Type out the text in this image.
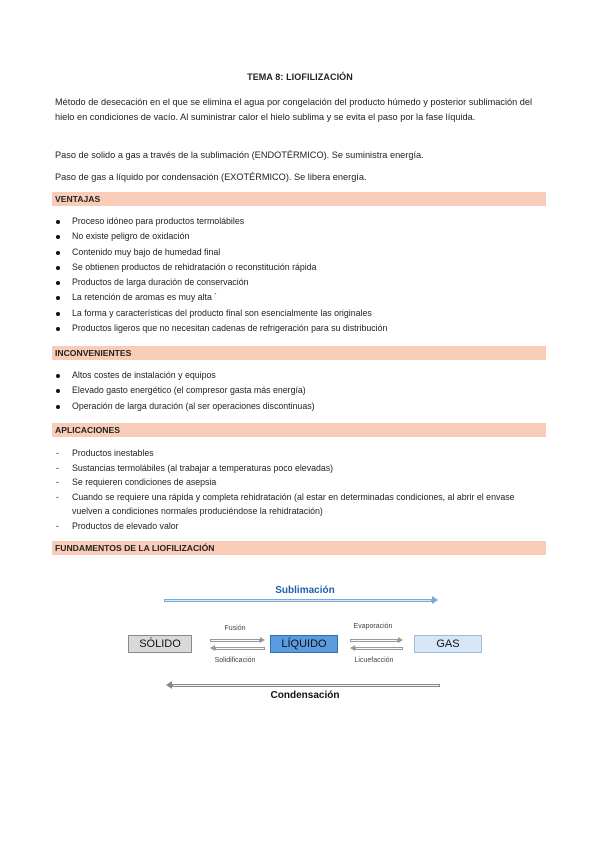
TEMA 8: LIOFILIZACIÓN
Método de desecación en el que se elimina el agua por congelación del producto húmedo y posterior sublimación del hielo en condiciones de vacío. Al suministrar calor el hielo sublima y se evita el paso por la fase líquida.
Paso de solido a gas a través de la sublimación (ENDOTÉRMICO). Se suministra energía.
Paso de gas a líquido por condensación (EXOTÉRMICO). Se libera energía.
VENTAJAS
Proceso idóneo para productos termolábiles
No existe peligro de oxidación
Contenido muy bajo de humedad final
Se obtienen productos de rehidratación o reconstitución rápida
Productos de larga duración de conservación
La retención de aromas es muy alta ´
La forma y características del producto final son esencialmente las originales
Productos ligeros que no necesitan cadenas de refrigeración para su distribución
INCONVENIENTES
Altos costes de instalación y equipos
Elevado gasto energético (el compresor gasta más energía)
Operación de larga duración (al ser operaciones discontinuas)
APLICACIONES
- Productos inestables
- Sustancias termolábiles (al trabajar a temperaturas poco elevadas)
- Se requieren condiciones de asepsia
- Cuando se requiere una rápida y completa rehidratación (al estar en determinadas condiciones, al abrir el envase vuelven a condiciones normales produciéndose la rehidratación)
- Productos de elevado valor
FUNDAMENTOS DE LA LIOFILIZACIÓN
Sublimación
SÓLIDO	LÍQUIDO	GAS
Fusión
Solidificación
Evaporación
Licuefacción
Condensación
